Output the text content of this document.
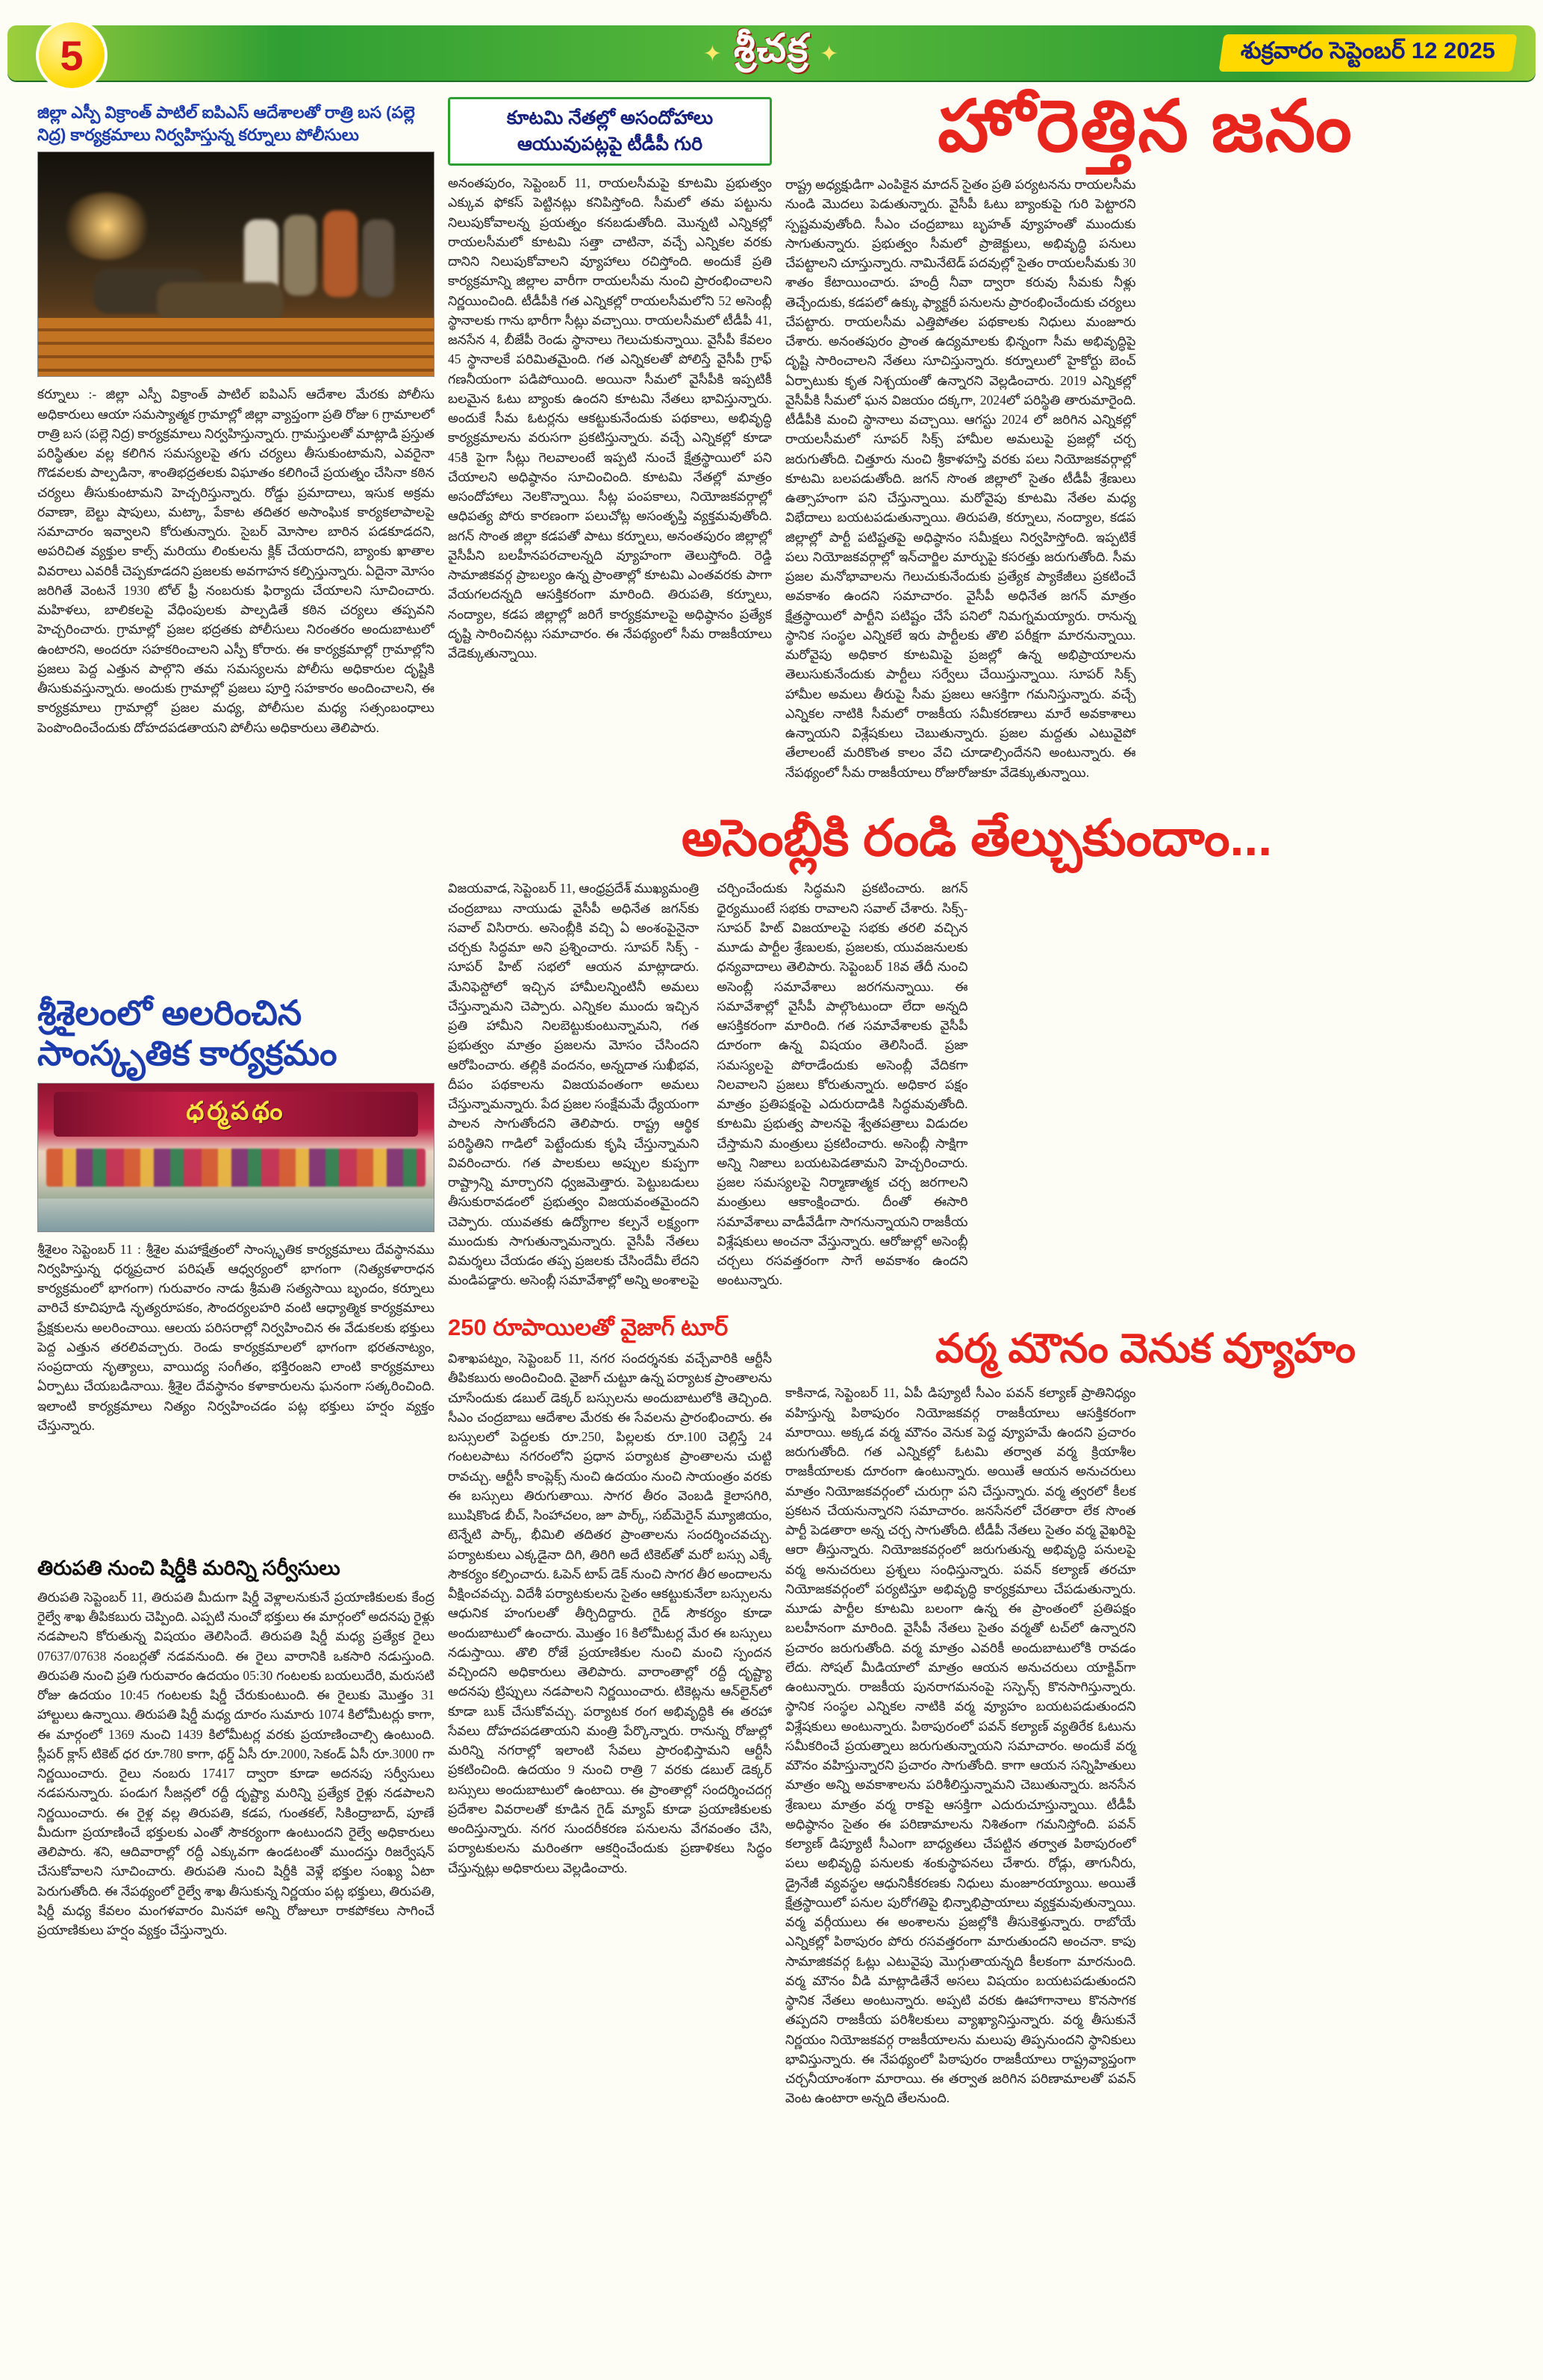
5	✦ శ్రీచక్ర ✦	శుక్రవారం సెప్టెంబర్ 12 2025
జిల్లా ఎస్పీ విక్రాంత్ పాటిల్ ఐపిఎస్ ఆదేశాలతో రాత్రి బస (పల్లె నిద్ర) కార్యక్రమాలు నిర్వహిస్తున్న కర్నూలు పోలీసులు
కర్నూలు :- జిల్లా ఎస్పీ విక్రాంత్ పాటిల్ ఐపిఎస్ ఆదేశాల మేరకు పోలీసు అధికారులు ఆయా సమస్యాత్మక గ్రామాల్లో జిల్లా వ్యాప్తంగా ప్రతి రోజు 6 గ్రామాలలో రాత్రి బస (పల్లె నిద్ర) కార్యక్రమాలు నిర్వహిస్తున్నారు. గ్రామస్తులతో మాట్లాడి ప్రస్తుత పరిస్థితుల వల్ల కలిగిన సమస్యలపై తగు చర్యలు తీసుకుంటామని, ఎవరైనా గొడవలకు పాల్పడినా, శాంతిభద్రతలకు విఘాతం కలిగించే ప్రయత్నం చేసినా కఠిన చర్యలు తీసుకుంటామని హెచ్చరిస్తున్నారు. రోడ్డు ప్రమాదాలు, ఇసుక అక్రమ రవాణా, బెల్టు షాపులు, మట్కా, పేకాట తదితర అసాంఘిక కార్యకలాపాలపై సమాచారం ఇవ్వాలని కోరుతున్నారు. సైబర్ మోసాల బారిన పడకూడదని, అపరిచిత వ్యక్తుల కాల్స్ మరియు లింకులను క్లిక్ చేయరాదని, బ్యాంకు ఖాతాల వివరాలు ఎవరికీ చెప్పకూడదని ప్రజలకు అవగాహన కల్పిస్తున్నారు. ఏదైనా మోసం జరిగితే వెంటనే 1930 టోల్ ఫ్రీ నంబరుకు ఫిర్యాదు చేయాలని సూచించారు. మహిళలు, బాలికలపై వేధింపులకు పాల్పడితే కఠిన చర్యలు తప్పవని హెచ్చరించారు. గ్రామాల్లో ప్రజల భద్రతకు పోలీసులు నిరంతరం అందుబాటులో ఉంటారని, అందరూ సహకరించాలని ఎస్పీ కోరారు. ఈ కార్యక్రమాల్లో గ్రామాల్లోని ప్రజలు పెద్ద ఎత్తున పాల్గొని తమ సమస్యలను పోలీసు అధికారుల దృష్టికి తీసుకువస్తున్నారు. అందుకు గ్రామాల్లో ప్రజలు పూర్తి సహకారం అందించాలని, ఈ కార్యక్రమాలు గ్రామాల్లో ప్రజల మధ్య, పోలీసుల మధ్య సత్సంబంధాలు పెంపొందించేందుకు దోహదపడతాయని పోలీసు అధికారులు తెలిపారు.
శ్రీశైలంలో అలరించిన సాంస్కృతిక కార్యక్రమం
ధర్మపథం
శ్రీశైలం సెప్టెంబర్ 11 : శ్రీశైల మహాక్షేత్రంలో సాంస్కృతిక కార్యక్రమాలు దేవస్థానము నిర్వహిస్తున్న ధర్మప్రచార పరిషత్ ఆధ్వర్యంలో భాగంగా (నిత్యకళారాధన కార్యక్రమంలో భాగంగా) గురువారం నాడు శ్రీమతి సత్యసాయి బృందం, కర్నూలు వారిచే కూచిపూడి నృత్యరూపకం, సౌందర్యలహరి వంటి ఆధ్యాత్మిక కార్యక్రమాలు ప్రేక్షకులను అలరించాయి. ఆలయ పరిసరాల్లో నిర్వహించిన ఈ వేడుకలకు భక్తులు పెద్ద ఎత్తున తరలివచ్చారు. రెండు కార్యక్రమాలలో భాగంగా భరతనాట్యం, సంప్రదాయ నృత్యాలు, వాయిద్య సంగీతం, భక్తిరంజని లాంటి కార్యక్రమాలు ఏర్పాటు చేయబడినాయి. శ్రీశైల దేవస్థానం కళాకారులను ఘనంగా సత్కరించింది. ఇలాంటి కార్యక్రమాలు నిత్యం నిర్వహించడం పట్ల భక్తులు హర్షం వ్యక్తం చేస్తున్నారు.
తిరుపతి నుంచి షిర్డీకి మరిన్ని సర్వీసులు
తిరుపతి సెప్టెంబర్ 11, తిరుపతి మీదుగా షిర్డీ వెళ్లాలనుకునే ప్రయాణికులకు కేంద్ర రైల్వే శాఖ తీపికబురు చెప్పింది. ఎప్పటి నుంచో భక్తులు ఈ మార్గంలో అదనపు రైళ్లు నడపాలని కోరుతున్న విషయం తెలిసిందే. తిరుపతి షిర్డీ మధ్య ప్రత్యేక రైలు 07637/07638 నంబర్లతో నడవనుంది. ఈ రైలు వారానికి ఒకసారి నడుస్తుంది. తిరుపతి నుంచి ప్రతి గురువారం ఉదయం 05:30 గంటలకు బయలుదేరి, మరుసటి రోజు ఉదయం 10:45 గంటలకు షిర్డీ చేరుకుంటుంది. ఈ రైలుకు మొత్తం 31 హాల్టులు ఉన్నాయి. తిరుపతి షిర్డీ మధ్య దూరం సుమారు 1074 కిలోమీటర్లు కాగా, ఈ మార్గంలో 1369 నుంచి 1439 కిలోమీటర్ల వరకు ప్రయాణించాల్సి ఉంటుంది. స్లీపర్ క్లాస్ టికెట్ ధర రూ.780 కాగా, థర్డ్ ఏసీ రూ.2000, సెకండ్ ఏసీ రూ.3000 గా నిర్ణయించారు. రైలు నంబరు 17417 ద్వారా కూడా అదనపు సర్వీసులు నడపనున్నారు. పండుగ సీజన్లలో రద్దీ దృష్ట్యా మరిన్ని ప్రత్యేక రైళ్లు నడపాలని నిర్ణయించారు. ఈ రైళ్ల వల్ల తిరుపతి, కడప, గుంతకల్, సికింద్రాబాద్, పూణే మీదుగా ప్రయాణించే భక్తులకు ఎంతో సౌకర్యంగా ఉంటుందని రైల్వే అధికారులు తెలిపారు. శని, ఆదివారాల్లో రద్దీ ఎక్కువగా ఉండటంతో ముందస్తు రిజర్వేషన్ చేసుకోవాలని సూచించారు. తిరుపతి నుంచి షిర్డీకి వెళ్లే భక్తుల సంఖ్య ఏటా పెరుగుతోంది. ఈ నేపథ్యంలో రైల్వే శాఖ తీసుకున్న నిర్ణయం పట్ల భక్తులు, తిరుపతి, షిర్డీ మధ్య కేవలం మంగళవారం మినహా అన్ని రోజులూ రాకపోకలు సాగించే ప్రయాణికులు హర్షం వ్యక్తం చేస్తున్నారు.
కూటమి నేతల్లో అసందోహాలు ఆయువుపట్లపై టీడీపీ గురి
అనంతపురం, సెప్టెంబర్ 11, రాయలసీమపై కూటమి ప్రభుత్వం ఎక్కువ ఫోకస్ పెట్టినట్లు కనిపిస్తోంది. సీమలో తమ పట్టును నిలుపుకోవాలన్న ప్రయత్నం కనబడుతోంది. మొన్నటి ఎన్నికల్లో రాయలసీమలో కూటమి సత్తా చాటినా, వచ్చే ఎన్నికల వరకు దానిని నిలుపుకోవాలని వ్యూహాలు రచిస్తోంది. అందుకే ప్రతి కార్యక్రమాన్ని జిల్లాల వారీగా రాయలసీమ నుంచి ప్రారంభించాలని నిర్ణయించింది. టీడీపీకి గత ఎన్నికల్లో రాయలసీమలోని 52 అసెంబ్లీ స్థానాలకు గాను భారీగా సీట్లు వచ్చాయి. రాయలసీమలో టీడీపీ 41, జనసేన 4, బీజేపీ రెండు స్థానాలు గెలుచుకున్నాయి. వైసీపీ కేవలం 45 స్థానాలకే పరిమితమైంది. గత ఎన్నికలతో పోలిస్తే వైసీపీ గ్రాఫ్ గణనీయంగా పడిపోయింది. అయినా సీమలో వైసీపీకి ఇప్పటికీ బలమైన ఓటు బ్యాంకు ఉందని కూటమి నేతలు భావిస్తున్నారు. అందుకే సీమ ఓటర్లను ఆకట్టుకునేందుకు పథకాలు, అభివృద్ధి కార్యక్రమాలను వరుసగా ప్రకటిస్తున్నారు. వచ్చే ఎన్నికల్లో కూడా 45కి పైగా సీట్లు గెలవాలంటే ఇప్పటి నుంచే క్షేత్రస్థాయిలో పని చేయాలని అధిష్ఠానం సూచించింది. కూటమి నేతల్లో మాత్రం అసందోహాలు నెలకొన్నాయి. సీట్ల పంపకాలు, నియోజకవర్గాల్లో ఆధిపత్య పోరు కారణంగా పలుచోట్ల అసంతృప్తి వ్యక్తమవుతోంది. జగన్ సొంత జిల్లా కడపతో పాటు కర్నూలు, అనంతపురం జిల్లాల్లో వైసీపీని బలహీనపరచాలన్నది వ్యూహంగా తెలుస్తోంది. రెడ్డి సామాజికవర్గ ప్రాబల్యం ఉన్న ప్రాంతాల్లో కూటమి ఎంతవరకు పాగా వేయగలదన్నది ఆసక్తికరంగా మారింది. తిరుపతి, కర్నూలు, నంద్యాల, కడప జిల్లాల్లో జరిగే కార్యక్రమాలపై అధిష్ఠానం ప్రత్యేక దృష్టి సారించినట్లు సమాచారం. ఈ నేపథ్యంలో సీమ రాజకీయాలు వేడెక్కుతున్నాయి.
హోరెత్తిన జనం
రాష్ట్ర అధ్యక్షుడిగా ఎంపికైన మాదన్ సైతం ప్రతి పర్యటనను రాయలసీమ నుండి మొదలు పెడుతున్నారు. వైసీపీ ఓటు బ్యాంకుపై గురి పెట్టారని స్పష్టమవుతోంది. సీఎం చంద్రబాబు బృహత్ వ్యూహంతో ముందుకు సాగుతున్నారు. ప్రభుత్వం సీమలో ప్రాజెక్టులు, అభివృద్ధి పనులు చేపట్టాలని చూస్తున్నారు. నామినేటెడ్ పదవుల్లో సైతం రాయలసీమకు 30 శాతం కేటాయించారు. హంద్రీ నీవా ద్వారా కరువు సీమకు నీళ్లు తెచ్చేందుకు, కడపలో ఉక్కు ఫ్యాక్టరీ పనులను ప్రారంభించేందుకు చర్యలు చేపట్టారు. రాయలసీమ ఎత్తిపోతల పథకాలకు నిధులు మంజూరు చేశారు. అనంతపురం ప్రాంత ఉద్యమాలకు భిన్నంగా సీమ అభివృద్ధిపై దృష్టి సారించాలని నేతలు సూచిస్తున్నారు. కర్నూలులో హైకోర్టు బెంచ్ ఏర్పాటుకు కృత నిశ్చయంతో ఉన్నారని వెల్లడించారు. 2019 ఎన్నికల్లో వైసీపీకి సీమలో ఘన విజయం దక్కగా, 2024లో పరిస్థితి తారుమారైంది. టీడీపీకి మంచి స్థానాలు వచ్చాయి. ఆగస్టు 2024 లో జరిగిన ఎన్నికల్లో రాయలసీమలో సూపర్ సిక్స్ హామీల అమలుపై ప్రజల్లో చర్చ జరుగుతోంది. చిత్తూరు నుంచి శ్రీకాళహస్తి వరకు పలు నియోజకవర్గాల్లో కూటమి బలపడుతోంది. జగన్ సొంత జిల్లాలో సైతం టీడీపీ శ్రేణులు ఉత్సాహంగా పని చేస్తున్నాయి. మరోవైపు కూటమి నేతల మధ్య విభేదాలు బయటపడుతున్నాయి. తిరుపతి, కర్నూలు, నంద్యాల, కడప జిల్లాల్లో పార్టీ పటిష్టతపై అధిష్ఠానం సమీక్షలు నిర్వహిస్తోంది. ఇప్పటికే పలు నియోజకవర్గాల్లో ఇన్‌చార్జిల మార్పుపై కసరత్తు జరుగుతోంది. సీమ ప్రజల మనోభావాలను గెలుచుకునేందుకు ప్రత్యేక ప్యాకేజీలు ప్రకటించే అవకాశం ఉందని సమాచారం. వైసీపీ అధినేత జగన్ మాత్రం క్షేత్రస్థాయిలో పార్టీని పటిష్టం చేసే పనిలో నిమగ్నమయ్యారు. రానున్న స్థానిక సంస్థల ఎన్నికలే ఇరు పార్టీలకు తొలి పరీక్షగా మారనున్నాయి. మరోవైపు అధికార కూటమిపై ప్రజల్లో ఉన్న అభిప్రాయాలను తెలుసుకునేందుకు పార్టీలు సర్వేలు చేయిస్తున్నాయి. సూపర్ సిక్స్ హామీల అమలు తీరుపై సీమ ప్రజలు ఆసక్తిగా గమనిస్తున్నారు. వచ్చే ఎన్నికల నాటికి సీమలో రాజకీయ సమీకరణాలు మారే అవకాశాలు ఉన్నాయని విశ్లేషకులు చెబుతున్నారు. ప్రజల మద్దతు ఎటువైపో తేలాలంటే మరికొంత కాలం వేచి చూడాల్సిందేనని అంటున్నారు. ఈ నేపథ్యంలో సీమ రాజకీయాలు రోజురోజుకూ వేడెక్కుతున్నాయి.
అసెంబ్లీకి రండి తేల్చుకుందాం...
విజయవాడ, సెప్టెంబర్ 11, ఆంధ్రప్రదేశ్ ముఖ్యమంత్రి చంద్రబాబు నాయుడు వైసీపీ అధినేత జగన్‌కు సవాల్ విసిరారు. అసెంబ్లీకి వచ్చి ఏ అంశంపైనైనా చర్చకు సిద్ధమా అని ప్రశ్నించారు. సూపర్ సిక్స్ - సూపర్ హిట్ సభలో ఆయన మాట్లాడారు. మేనిఫెస్టోలో ఇచ్చిన హామీలన్నింటినీ అమలు చేస్తున్నామని చెప్పారు. ఎన్నికల ముందు ఇచ్చిన ప్రతి హామీని నిలబెట్టుకుంటున్నామని, గత ప్రభుత్వం మాత్రం ప్రజలను మోసం చేసిందని ఆరోపించారు. తల్లికి వందనం, అన్నదాత సుఖీభవ, దీపం పథకాలను విజయవంతంగా అమలు చేస్తున్నామన్నారు. పేద ప్రజల సంక్షేమమే ధ్యేయంగా పాలన సాగుతోందని తెలిపారు. రాష్ట్ర ఆర్థిక పరిస్థితిని గాడిలో పెట్టేందుకు కృషి చేస్తున్నామని వివరించారు. గత పాలకులు అప్పుల కుప్పగా రాష్ట్రాన్ని మార్చారని ధ్వజమెత్తారు. పెట్టుబడులు తీసుకురావడంలో ప్రభుత్వం విజయవంతమైందని చెప్పారు. యువతకు ఉద్యోగాల కల్పనే లక్ష్యంగా ముందుకు సాగుతున్నామన్నారు. వైసీపీ నేతలు విమర్శలు చేయడం తప్ప ప్రజలకు చేసిందేమీ లేదని మండిపడ్డారు. అసెంబ్లీ సమావేశాల్లో అన్ని అంశాలపై చర్చించేందుకు సిద్ధమని ప్రకటించారు. జగన్ ధైర్యముంటే సభకు రావాలని సవాల్ చేశారు. సిక్స్- సూపర్ హిట్ విజయాలపై సభకు తరలి వచ్చిన మూడు పార్టీల శ్రేణులకు, ప్రజలకు, యువజనులకు ధన్యవాదాలు తెలిపారు. సెప్టెంబర్ 18వ తేదీ నుంచి అసెంబ్లీ సమావేశాలు జరగనున్నాయి. ఈ సమావేశాల్లో వైసీపీ పాల్గొంటుందా లేదా అన్నది ఆసక్తికరంగా మారింది. గత సమావేశాలకు వైసీపీ దూరంగా ఉన్న విషయం తెలిసిందే. ప్రజా సమస్యలపై పోరాడేందుకు అసెంబ్లీ వేదికగా నిలవాలని ప్రజలు కోరుతున్నారు. అధికార పక్షం మాత్రం ప్రతిపక్షంపై ఎదురుదాడికి సిద్ధమవుతోంది. కూటమి ప్రభుత్వ పాలనపై శ్వేతపత్రాలు విడుదల చేస్తామని మంత్రులు ప్రకటించారు. అసెంబ్లీ సాక్షిగా అన్ని నిజాలు బయటపెడతామని హెచ్చరించారు. ప్రజల సమస్యలపై నిర్మాణాత్మక చర్చ జరగాలని మంత్రులు ఆకాంక్షించారు. దీంతో ఈసారి సమావేశాలు వాడీవేడీగా సాగనున్నాయని రాజకీయ విశ్లేషకులు అంచనా వేస్తున్నారు. ఆరోజుల్లో అసెంబ్లీ చర్చలు రసవత్తరంగా సాగే అవకాశం ఉందని అంటున్నారు.
250 రూపాయిలతో వైజాగ్ టూర్
విశాఖపట్నం, సెప్టెంబర్ 11, నగర సందర్శనకు వచ్చేవారికి ఆర్టీసీ తీపికబురు అందించింది. వైజాగ్ చుట్టూ ఉన్న పర్యాటక ప్రాంతాలను చూసేందుకు డబుల్ డెక్కర్ బస్సులను అందుబాటులోకి తెచ్చింది. సీఎం చంద్రబాబు ఆదేశాల మేరకు ఈ సేవలను ప్రారంభించారు. ఈ బస్సులలో పెద్దలకు రూ.250, పిల్లలకు రూ.100 చెల్లిస్తే 24 గంటలపాటు నగరంలోని ప్రధాన పర్యాటక ప్రాంతాలను చుట్టి రావచ్చు. ఆర్టీసీ కాంప్లెక్స్ నుంచి ఉదయం నుంచి సాయంత్రం వరకు ఈ బస్సులు తిరుగుతాయి. సాగర తీరం వెంబడి కైలాసగిరి, ఋషికొండ బీచ్, సింహాచలం, జూ పార్క్, సబ్‌మెరైన్ మ్యూజియం, టెన్నేటి పార్క్, భీమిలి తదితర ప్రాంతాలను సందర్శించవచ్చు. పర్యాటకులు ఎక్కడైనా దిగి, తిరిగి అదే టికెట్‌తో మరో బస్సు ఎక్కే సౌకర్యం కల్పించారు. ఓపెన్ టాప్ డెక్ నుంచి సాగర తీర అందాలను వీక్షించవచ్చు. విదేశీ పర్యాటకులను సైతం ఆకట్టుకునేలా బస్సులను ఆధునిక హంగులతో తీర్చిదిద్దారు. గైడ్ సౌకర్యం కూడా అందుబాటులో ఉంచారు. మొత్తం 16 కిలోమీటర్ల మేర ఈ బస్సులు నడుస్తాయి. తొలి రోజే ప్రయాణికుల నుంచి మంచి స్పందన వచ్చిందని అధికారులు తెలిపారు. వారాంతాల్లో రద్దీ దృష్ట్యా అదనపు ట్రిప్పులు నడపాలని నిర్ణయించారు. టికెట్లను ఆన్‌లైన్‌లో కూడా బుక్ చేసుకోవచ్చు. పర్యాటక రంగ అభివృద్ధికి ఈ తరహా సేవలు దోహదపడతాయని మంత్రి పేర్కొన్నారు. రానున్న రోజుల్లో మరిన్ని నగరాల్లో ఇలాంటి సేవలు ప్రారంభిస్తామని ఆర్టీసీ ప్రకటించింది. ఉదయం 9 నుంచి రాత్రి 7 వరకు డబుల్ డెక్కర్ బస్సులు అందుబాటులో ఉంటాయి. ఈ ప్రాంతాల్లో సందర్శించదగ్గ ప్రదేశాల వివరాలతో కూడిన గైడ్ మ్యాప్ కూడా ప్రయాణికులకు అందిస్తున్నారు. నగర సుందరీకరణ పనులను వేగవంతం చేసి, పర్యాటకులను మరింతగా ఆకర్షించేందుకు ప్రణాళికలు సిద్ధం చేస్తున్నట్లు అధికారులు వెల్లడించారు.
వర్మ మౌనం వెనుక వ్యూహం
కాకినాడ, సెప్టెంబర్ 11, ఏపీ డిప్యూటీ సీఎం పవన్ కల్యాణ్ ప్రాతినిధ్యం వహిస్తున్న పిఠాపురం నియోజకవర్గ రాజకీయాలు ఆసక్తికరంగా మారాయి. అక్కడ వర్మ మౌనం వెనుక పెద్ద వ్యూహమే ఉందని ప్రచారం జరుగుతోంది. గత ఎన్నికల్లో ఓటమి తర్వాత వర్మ క్రియాశీల రాజకీయాలకు దూరంగా ఉంటున్నారు. అయితే ఆయన అనుచరులు మాత్రం నియోజకవర్గంలో చురుగ్గా పని చేస్తున్నారు. వర్మ త్వరలో కీలక ప్రకటన చేయనున్నారని సమాచారం. జనసేనలో చేరతారా లేక సొంత పార్టీ పెడతారా అన్న చర్చ సాగుతోంది. టీడీపీ నేతలు సైతం వర్మ వైఖరిపై ఆరా తీస్తున్నారు. నియోజకవర్గంలో జరుగుతున్న అభివృద్ధి పనులపై వర్మ అనుచరులు ప్రశ్నలు సంధిస్తున్నారు. పవన్ కల్యాణ్ తరచూ నియోజకవర్గంలో పర్యటిస్తూ అభివృద్ధి కార్యక్రమాలు చేపడుతున్నారు. మూడు పార్టీల కూటమి బలంగా ఉన్న ఈ ప్రాంతంలో ప్రతిపక్షం బలహీనంగా మారింది. వైసీపీ నేతలు సైతం వర్మతో టచ్‌లో ఉన్నారని ప్రచారం జరుగుతోంది. వర్మ మాత్రం ఎవరికీ అందుబాటులోకి రావడం లేదు. సోషల్ మీడియాలో మాత్రం ఆయన అనుచరులు యాక్టివ్‌గా ఉంటున్నారు. రాజకీయ పునరాగమనంపై సస్పెన్స్ కొనసాగిస్తున్నారు. స్థానిక సంస్థల ఎన్నికల నాటికి వర్మ వ్యూహం బయటపడుతుందని విశ్లేషకులు అంటున్నారు. పిఠాపురంలో పవన్ కల్యాణ్ వ్యతిరేక ఓటును సమీకరించే ప్రయత్నాలు జరుగుతున్నాయని సమాచారం. అందుకే వర్మ మౌనం వహిస్తున్నారని ప్రచారం సాగుతోంది. కాగా ఆయన సన్నిహితులు మాత్రం అన్ని అవకాశాలను పరిశీలిస్తున్నామని చెబుతున్నారు. జనసేన శ్రేణులు మాత్రం వర్మ రాకపై ఆసక్తిగా ఎదురుచూస్తున్నాయి. టీడీపీ అధిష్ఠానం సైతం ఈ పరిణామాలను నిశితంగా గమనిస్తోంది. పవన్ కల్యాణ్ డిప్యూటీ సీఎంగా బాధ్యతలు చేపట్టిన తర్వాత పిఠాపురంలో పలు అభివృద్ధి పనులకు శంకుస్థాపనలు చేశారు. రోడ్లు, తాగునీరు, డ్రైనేజీ వ్యవస్థల ఆధునికీకరణకు నిధులు మంజూరయ్యాయి. అయితే క్షేత్రస్థాయిలో పనుల పురోగతిపై భిన్నాభిప్రాయాలు వ్యక్తమవుతున్నాయి. వర్మ వర్గీయులు ఈ అంశాలను ప్రజల్లోకి తీసుకెళ్తున్నారు. రాబోయే ఎన్నికల్లో పిఠాపురం పోరు రసవత్తరంగా మారుతుందని అంచనా. కాపు సామాజికవర్గ ఓట్లు ఎటువైపు మొగ్గుతాయన్నది కీలకంగా మారనుంది. వర్మ మౌనం వీడి మాట్లాడితేనే అసలు విషయం బయటపడుతుందని స్థానిక నేతలు అంటున్నారు. అప్పటి వరకు ఊహాగానాలు కొనసాగక తప్పదని రాజకీయ పరిశీలకులు వ్యాఖ్యానిస్తున్నారు. వర్మ తీసుకునే నిర్ణయం నియోజకవర్గ రాజకీయాలను మలుపు తిప్పనుందని స్థానికులు భావిస్తున్నారు. ఈ నేపథ్యంలో పిఠాపురం రాజకీయాలు రాష్ట్రవ్యాప్తంగా చర్చనీయాంశంగా మారాయి. ఈ తర్వాత జరిగిన పరిణామాలతో పవన్ వెంట ఉంటారా అన్నది తేలనుంది.
